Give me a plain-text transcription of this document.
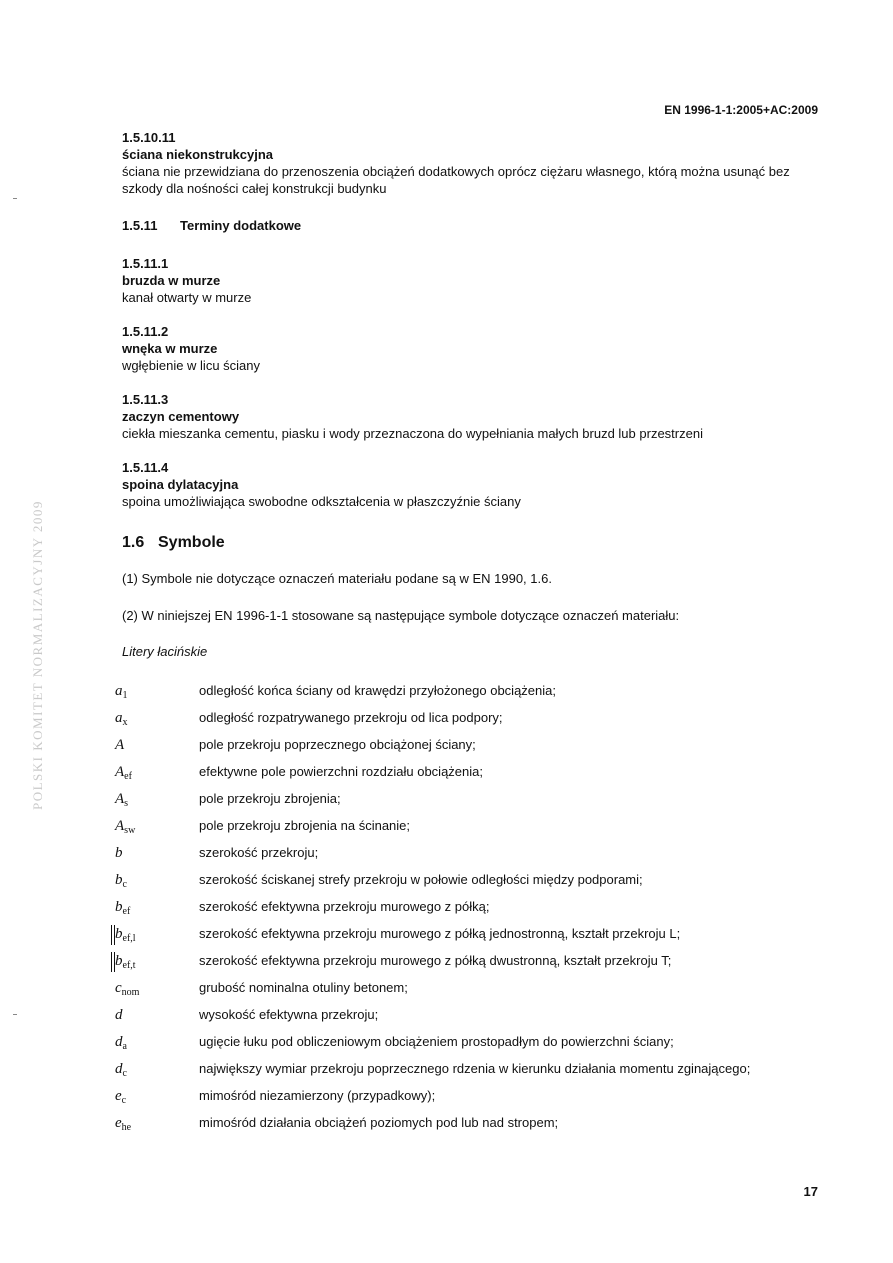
EN 1996-1-1:2005+AC:2009
POLSKI KOMITET NORMALIZACYJNY 2009
1.5.10.11
ściana niekonstrukcyjna
ściana nie przewidziana do przenoszenia obciążeń dodatkowych oprócz ciężaru własnego, którą można usunąć bez szkody dla nośności całej konstrukcji budynku
1.5.11 Terminy dodatkowe
1.5.11.1
bruzda w murze
kanał otwarty w murze
1.5.11.2
wnęka w murze
wgłębienie w licu ściany
1.5.11.3
zaczyn cementowy
ciekła mieszanka cementu, piasku i wody przeznaczona do wypełniania małych bruzd lub przestrzeni
1.5.11.4
spoina dylatacyjna
spoina umożliwiająca swobodne odkształcenia w płaszczyźnie ściany
1.6 Symbole
(1) Symbole nie dotyczące oznaczeń materiału podane są w EN 1990, 1.6.
(2) W niniejszej EN 1996-1-1 stosowane są następujące symbole dotyczące oznaczeń materiału:
Litery łacińskie
$a_1$	odległość końca ściany od krawędzi przyłożonego obciążenia;
$a_x$	odległość rozpatrywanego przekroju od lica podpory;
A	pole przekroju poprzecznego obciążonej ściany;
$A_{ef}$	efektywne pole powierzchni rozdziału obciążenia;
$A_s$	pole przekroju zbrojenia;
$A_{sw}$	pole przekroju zbrojenia na ścinanie;
b	szerokość przekroju;
$b_c$	szerokość ściskanej strefy przekroju w połowie odległości między podporami;
$b_{ef}$	szerokość efektywna przekroju murowego z półką;
$b_{ef,l}$	szerokość efektywna przekroju murowego z półką jednostronną, kształt przekroju L;
$b_{ef,t}$	szerokość efektywna przekroju murowego z półką dwustronną, kształt przekroju T;
$c_{nom}$	grubość nominalna otuliny betonem;
d	wysokość efektywna przekroju;
$d_a$	ugięcie łuku pod obliczeniowym obciążeniem prostopadłym do powierzchni ściany;
$d_c$	największy wymiar przekroju poprzecznego rdzenia w kierunku działania momentu zginającego;
$e_c$	mimośród niezamierzony (przypadkowy);
$e_{he}$	mimośród działania obciążeń poziomych pod lub nad stropem;
17
